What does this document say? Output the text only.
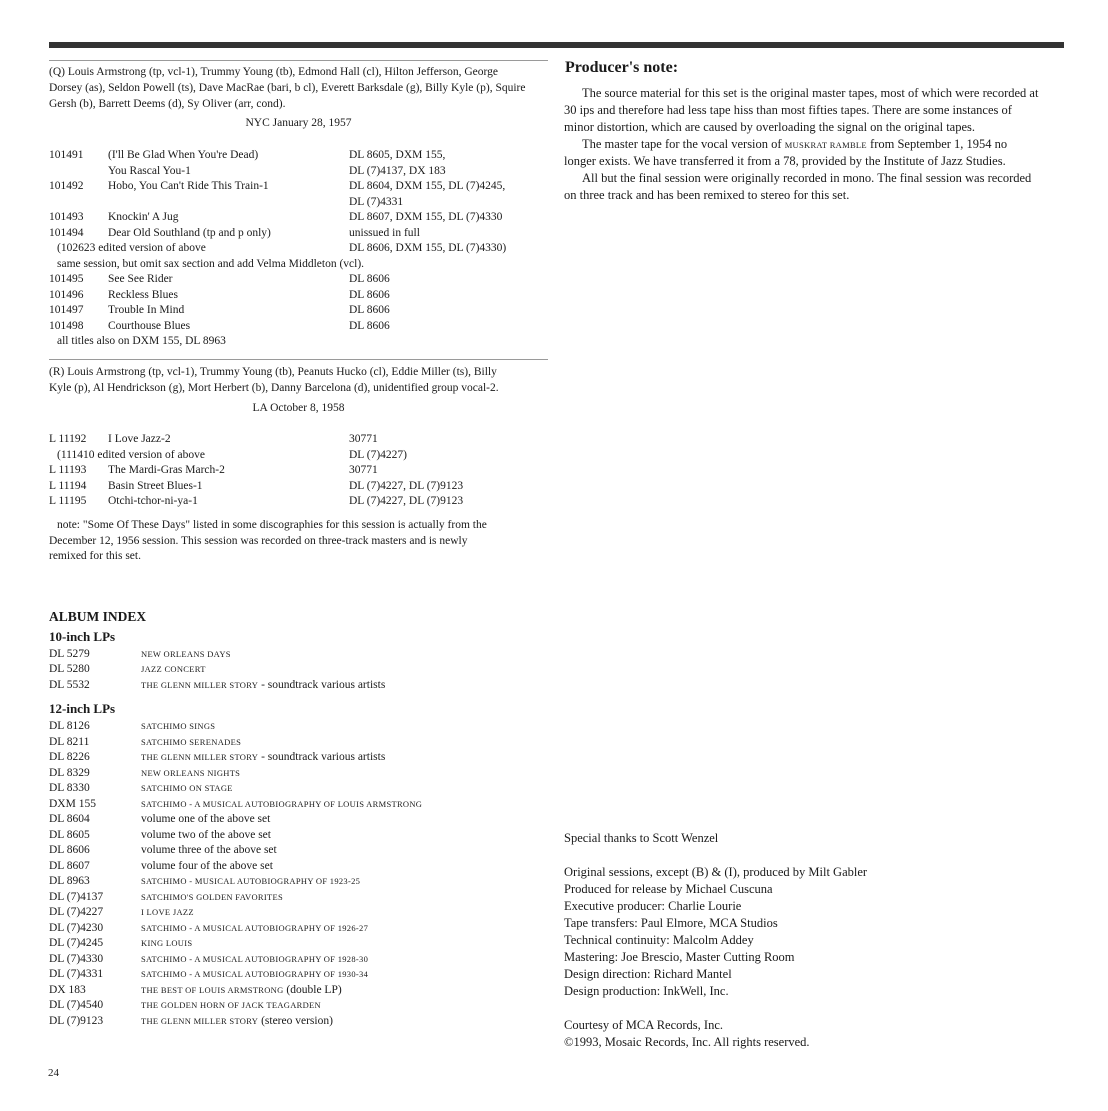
(Q) Louis Armstrong (tp, vcl-1), Trummy Young (tb), Edmond Hall (cl), Hilton Jefferson, George
Dorsey (as), Seldon Powell (ts), Dave MacRae (bari, b cl), Everett Barksdale (g), Billy Kyle (p), Squire
Gersh (b), Barrett Deems (d), Sy Oliver (arr, cond).
NYC January 28, 1957
101491 (I'll Be Glad When You're Dead)	DL 8605, DXM 155,
You Rascal You-1	DL (7)4137, DX 183
101492 Hobo, You Can't Ride This Train-1	DL 8604, DXM 155, DL (7)4245,
DL (7)4331
101493 Knockin' A Jug	DL 8607, DXM 155, DL (7)4330
101494 Dear Old Southland (tp and p only)	unissued in full
(102623 edited version of above	DL 8606, DXM 155, DL (7)4330)
same session, but omit sax section and add Velma Middleton (vcl).
101495 See See Rider	DL 8606
101496 Reckless Blues	DL 8606
101497 Trouble In Mind	DL 8606
101498 Courthouse Blues	DL 8606
all titles also on DXM 155, DL 8963
(R) Louis Armstrong (tp, vcl-1), Trummy Young (tb), Peanuts Hucko (cl), Eddie Miller (ts), Billy
Kyle (p), Al Hendrickson (g), Mort Herbert (b), Danny Barcelona (d), unidentified group vocal-2.
LA October 8, 1958
L 11192 I Love Jazz-2	30771
(111410 edited version of above	DL (7)4227)
L 11193 The Mardi-Gras March-2	30771
L 11194 Basin Street Blues-1	DL (7)4227, DL (7)9123
L 11195 Otchi-tchor-ni-ya-1	DL (7)4227, DL (7)9123
note: "Some Of These Days" listed in some discographies for this session is actually from the
December 12, 1956 session. This session was recorded on three-track masters and is newly
remixed for this set.
ALBUM INDEX
10-inch LPs
DL 5279	NEW ORLEANS DAYS
DL 5280	JAZZ CONCERT
DL 5532	THE GLENN MILLER STORY - soundtrack various artists
12-inch LPs
DL 8126	SATCHIMO SINGS
DL 8211	SATCHIMO SERENADES
DL 8226	THE GLENN MILLER STORY - soundtrack various artists
DL 8329	NEW ORLEANS NIGHTS
DL 8330	SATCHIMO ON STAGE
DXM 155	SATCHIMO - A MUSICAL AUTOBIOGRAPHY OF LOUIS ARMSTRONG
DL 8604	volume one of the above set
DL 8605	volume two of the above set
DL 8606	volume three of the above set
DL 8607	volume four of the above set
DL 8963	SATCHIMO - MUSICAL AUTOBIOGRAPHY OF 1923-25
DL (7)4137	SATCHIMO'S GOLDEN FAVORITES
DL (7)4227	I LOVE JAZZ
DL (7)4230	SATCHIMO - A MUSICAL AUTOBIOGRAPHY OF 1926-27
DL (7)4245	KING LOUIS
DL (7)4330	SATCHIMO - A MUSICAL AUTOBIOGRAPHY OF 1928-30
DL (7)4331	SATCHIMO - A MUSICAL AUTOBIOGRAPHY OF 1930-34
DX 183	THE BEST OF LOUIS ARMSTRONG (double LP)
DL (7)4540	THE GOLDEN HORN OF JACK TEAGARDEN
DL (7)9123	THE GLENN MILLER STORY (stereo version)
Producer's note:
The source material for this set is the original master tapes, most of which were recorded at
30 ips and therefore had less tape hiss than most fifties tapes. There are some instances of
minor distortion, which are caused by overloading the signal on the original tapes.
The master tape for the vocal version of MUSKRAT RAMBLE from September 1, 1954 no
longer exists. We have transferred it from a 78, provided by the Institute of Jazz Studies.
All but the final session were originally recorded in mono. The final session was recorded
on three track and has been remixed to stereo for this set.
Special thanks to Scott Wenzel
Original sessions, except (B) & (I), produced by Milt Gabler
Produced for release by Michael Cuscuna
Executive producer: Charlie Lourie
Tape transfers: Paul Elmore, MCA Studios
Technical continuity: Malcolm Addey
Mastering: Joe Brescio, Master Cutting Room
Design direction: Richard Mantel
Design production: InkWell, Inc.
Courtesy of MCA Records, Inc.
©1993, Mosaic Records, Inc. All rights reserved.
24
